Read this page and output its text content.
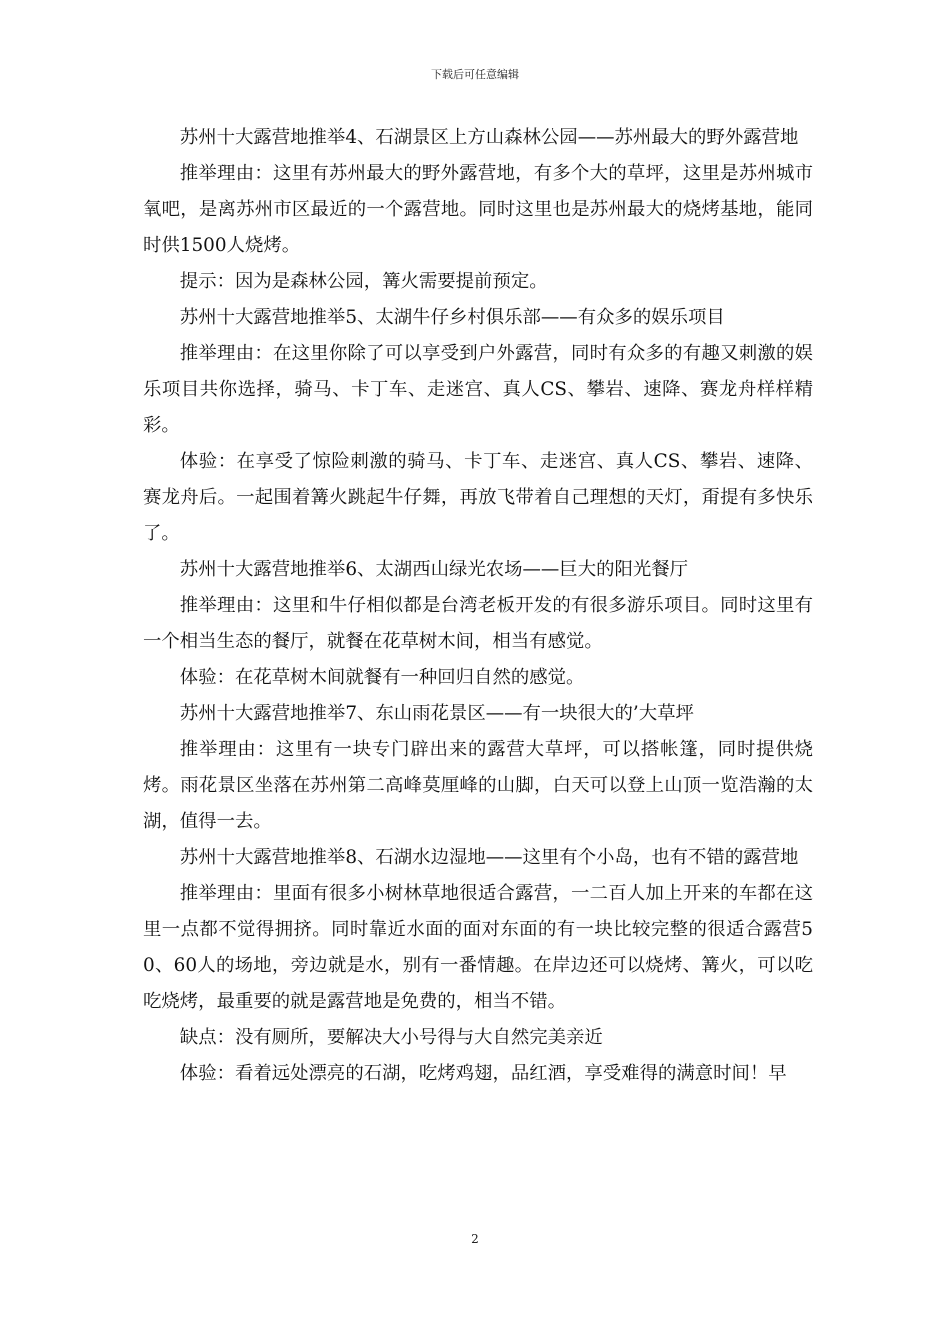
下载后可任意编辑

苏州十大露营地推举4、石湖景区上方山森林公园——苏州最大的野外露营地

推举理由：这里有苏州最大的野外露营地，有多个大的草坪，这里是苏州城市氧吧，是离苏州市区最近的一个露营地。同时这里也是苏州最大的烧烤基地，能同时供1500人烧烤。

提示：因为是森林公园，篝火需要提前预定。

苏州十大露营地推举5、太湖牛仔乡村俱乐部——有众多的娱乐项目

推举理由：在这里你除了可以享受到户外露营，同时有众多的有趣又刺激的娱乐项目共你选择，骑马、卡丁车、走迷宫、真人CS、攀岩、速降、赛龙舟样样精彩。

体验：在享受了惊险刺激的骑马、卡丁车、走迷宫、真人CS、攀岩、速降、赛龙舟后。一起围着篝火跳起牛仔舞，再放飞带着自己理想的天灯，甭提有多快乐了。

苏州十大露营地推举6、太湖西山绿光农场——巨大的阳光餐厅

推举理由：这里和牛仔相似都是台湾老板开发的有很多游乐项目。同时这里有一个相当生态的餐厅，就餐在花草树木间，相当有感觉。

体验：在花草树木间就餐有一种回归自然的感觉。

苏州十大露营地推举7、东山雨花景区——有一块很大的’大草坪

推举理由：这里有一块专门辟出来的露营大草坪，可以搭帐篷，同时提供烧烤。雨花景区坐落在苏州第二高峰莫厘峰的山脚，白天可以登上山顶一览浩瀚的太湖，值得一去。

苏州十大露营地推举8、石湖水边湿地——这里有个小岛，也有不错的露营地

推举理由：里面有很多小树林草地很适合露营，一二百人加上开来的车都在这里一点都不觉得拥挤。同时靠近水面的面对东面的有一块比较完整的很适合露营50、60人的场地，旁边就是水，别有一番情趣。在岸边还可以烧烤、篝火，可以吃吃烧烤，最重要的就是露营地是免费的，相当不错。

缺点：没有厕所，要解决大小号得与大自然完美亲近

体验：看着远处漂亮的石湖，吃烤鸡翅，品红酒，享受难得的满意时间！早

2
